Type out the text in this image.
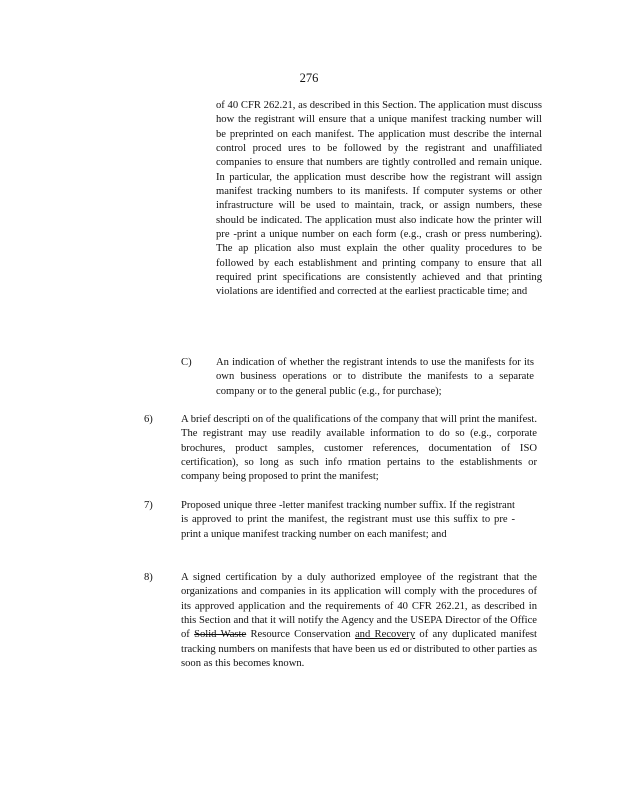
276
of 40 CFR 262.21, as described in this Section. The application must discuss how the registrant will ensure that a unique manifest tracking number will be preprinted on each manifest. The application must describe the internal control proced ures to be followed by the registrant and unaffiliated companies to ensure that numbers are tightly controlled and remain unique. In particular, the application must describe how the registrant will assign manifest tracking numbers to its manifests. If computer systems or other infrastructure will be used to maintain, track, or assign numbers, these should be indicated. The application must also indicate how the printer will pre -print a unique number on each form (e.g., crash or press numbering). The ap plication also must explain the other quality procedures to be followed by each establishment and printing company to ensure that all required print specifications are consistently achieved and that printing violations are identified and corrected at the earliest practicable time; and
C) An indication of whether the registrant intends to use the manifests for its own business operations or to distribute the manifests to a separate company or to the general public (e.g., for purchase);
6)	A brief descripti on of the qualifications of the company that will print the manifest. The registrant may use readily available information to do so (e.g., corporate brochures, product samples, customer references, documentation of ISO certification), so long as such info rmation pertains to the establishments or company being proposed to print the manifest;
7)	Proposed unique three -letter manifest tracking number suffix. If the registrant is approved to print the manifest, the registrant must use this suffix to pre -print a unique manifest tracking number on each manifest; and
8)	A signed certification by a duly authorized employee of the registrant that the organizations and companies in its application will comply with the procedures of its approved application and the requirements of 40 CFR 262.21, as described in this Section and that it will notify the Agency and the USEPA Director of the Office of Solid Waste Resource Conservation and Recovery of any duplicated manifest tracking numbers on manifests that have been us ed or distributed to other parties as soon as this becomes known.
